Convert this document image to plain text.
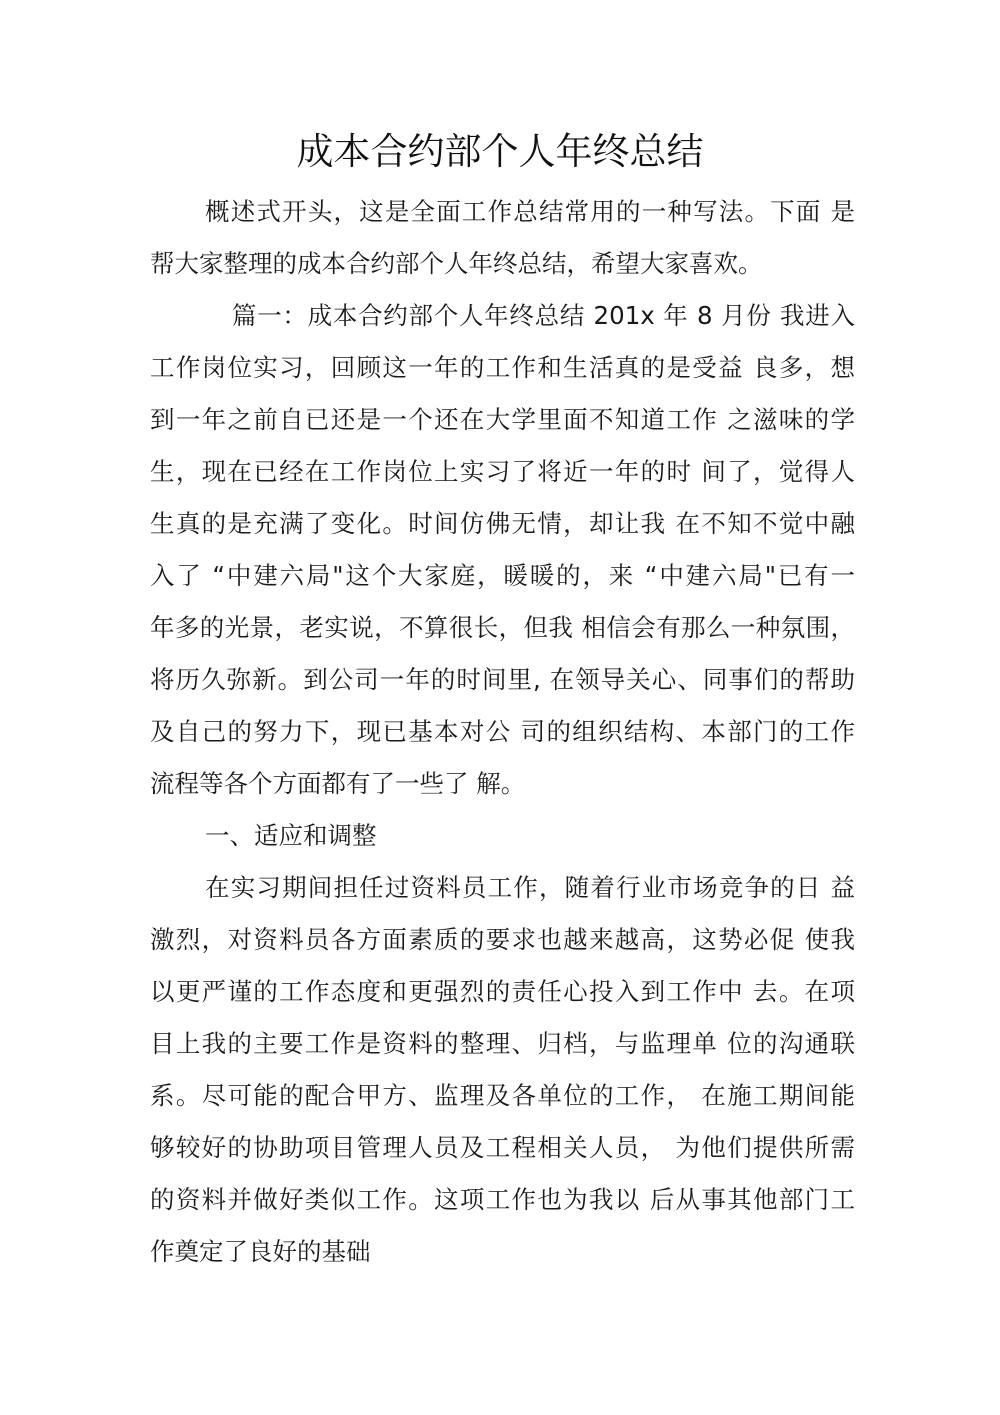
成本合约部个人年终总结
概述式开头，这是全面工作总结常用的一种写法。下面 是
帮大家整理的成本合约部个人年终总结，希望大家喜欢。
篇一：成本合约部个人年终总结 201x 年 8 月份 我进入
工作岗位实习，回顾这一年的工作和生活真的是受益 良多，想
到一年之前自已还是一个还在大学里面不知道工作 之滋味的学
生，现在已经在工作岗位上实习了将近一年的时 间了，觉得人
生真的是充满了变化。时间仿佛无情，却让我 在不知不觉中融
入了 “中建六局"这个大家庭，暖暖的，来 “中建六局"已有一
年多的光景，老实说，不算很长，但我 相信会有那么一种氛围，
将历久弥新。到公司一年的时间里, 在领导关心、同事们的帮助
及自己的努力下，现已基本对公 司的组织结构、本部门的工作
流程等各个方面都有了一些了 解。
一、适应和调整
在实习期间担任过资料员工作，随着行业市场竞争的日 益
激烈，对资料员各方面素质的要求也越来越高，这势必促 使我
以更严谨的工作态度和更强烈的责任心投入到工作中 去。在项
目上我的主要工作是资料的整理、归档，与监理单 位的沟通联
系。尽可能的配合甲方、监理及各单位的工作， 在施工期间能
够较好的协助项目管理人员及工程相关人员， 为他们提供所需
的资料并做好类似工作。这项工作也为我以 后从事其他部门工
作奠定了良好的基础
